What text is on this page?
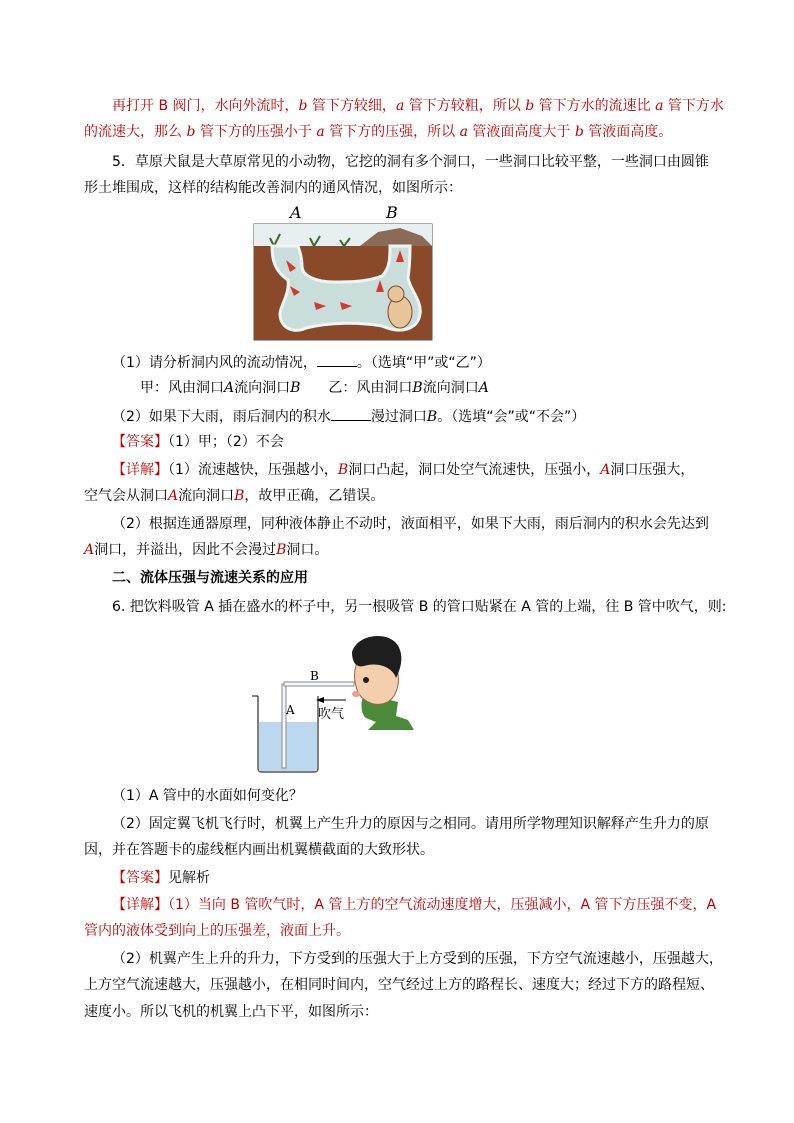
再打开 B 阀门，水向外流时，b 管下方较细，a 管下方较粗，所以 b 管下方水的流速比 a 管下方水
的流速大，那么 b 管下方的压强小于 a 管下方的压强，所以 a 管液面高度大于 b 管液面高度。
5．草原犬鼠是大草原常见的小动物，它挖的洞有多个洞口，一些洞口比较平整，一些洞口由圆锥
形土堆围成，这样的结构能改善洞内的通风情况，如图所示：
A	B
（1）请分析洞内风的流动情况，	。（选填“甲”或“乙”）
甲：风由洞口A流向洞口B 乙：风由洞口B流向洞口A
（2）如果下大雨，雨后洞内的积水	漫过洞口B。（选填“会”或“不会”）
【答案】（1）甲；（2）不会
【详解】（1）流速越快，压强越小，B洞口凸起，洞口处空气流速快，压强小，A洞口压强大，
空气会从洞口A流向洞口B，故甲正确，乙错误。
（2）根据连通器原理，同种液体静止不动时，液面相平，如果下大雨，雨后洞内的积水会先达到
A洞口，并溢出，因此不会漫过B洞口。
二、流体压强与流速关系的应用
6. 把饮料吸管 A 插在盛水的杯子中，另一根吸管 B 的管口贴紧在 A 管的上端，往 B 管中吹气，则:
B
A 吹气
（1）A 管中的水面如何变化？
（2）固定翼飞机飞行时，机翼上产生升力的原因与之相同。请用所学物理知识解释产生升力的原
因，并在答题卡的虚线框内画出机翼横截面的大致形状。
【答案】见解析
【详解】（1）当向 B 管吹气时，A 管上方的空气流动速度增大，压强减小，A 管下方压强不变，A
管内的液体受到向上的压强差，液面上升。
（2）机翼产生上升的升力，下方受到的压强大于上方受到的压强，下方空气流速越小，压强越大，
上方空气流速越大，压强越小，在相同时间内，空气经过上方的路程长、速度大；经过下方的路程短、
速度小。所以飞机的机翼上凸下平，如图所示：
